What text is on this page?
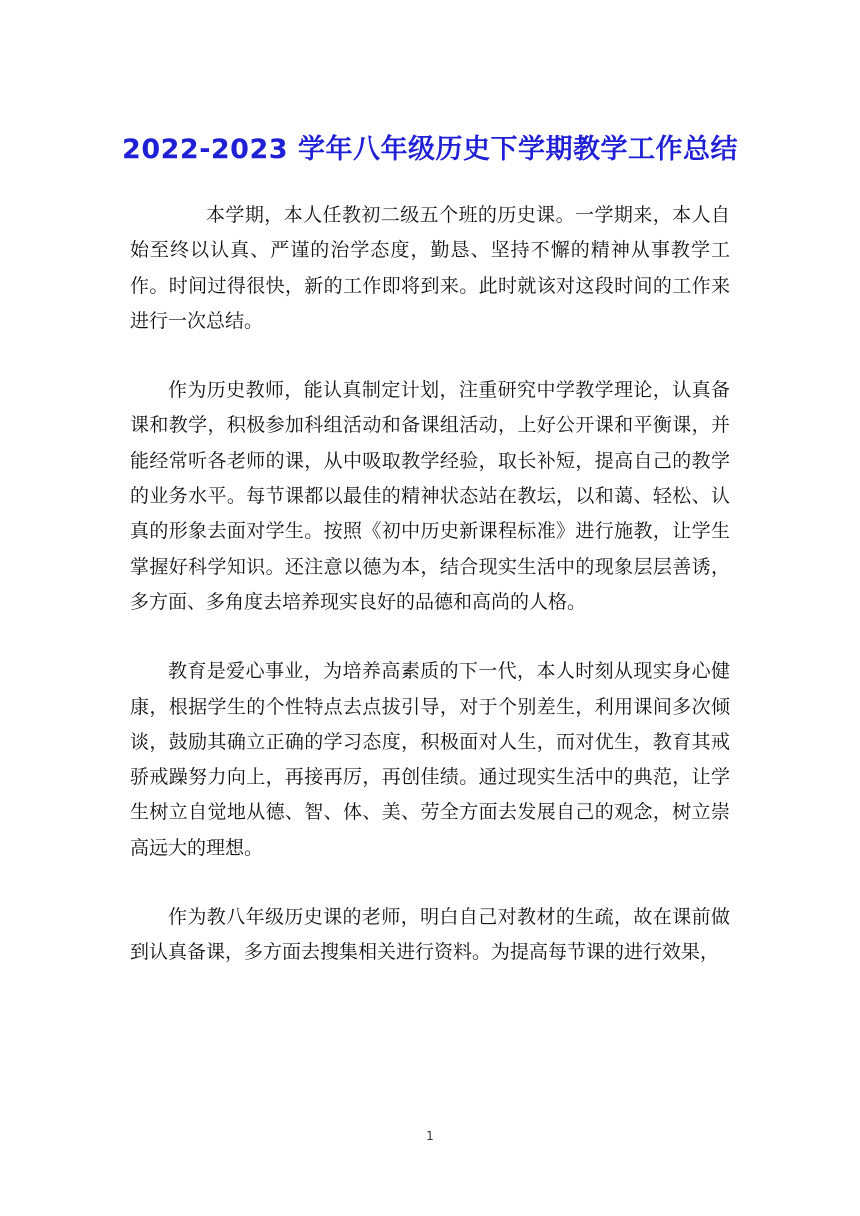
2022-2023 学年八年级历史下学期教学工作总结

本学期，本人任教初二级五个班的历史课。一学期来，本人自始至终以认真、严谨的治学态度，勤恳、坚持不懈的精神从事教学工作。时间过得很快，新的工作即将到来。此时就该对这段时间的工作来进行一次总结。

作为历史教师，能认真制定计划，注重研究中学教学理论，认真备课和教学，积极参加科组活动和备课组活动，上好公开课和平衡课，并能经常听各老师的课，从中吸取教学经验，取长补短，提高自己的教学的业务水平。每节课都以最佳的精神状态站在教坛，以和蔼、轻松、认真的形象去面对学生。按照《初中历史新课程标准》进行施教，让学生掌握好科学知识。还注意以德为本，结合现实生活中的现象层层善诱，多方面、多角度去培养现实良好的品德和高尚的人格。

教育是爱心事业，为培养高素质的下一代，本人时刻从现实身心健康，根据学生的个性特点去点拔引导，对于个别差生，利用课间多次倾谈，鼓励其确立正确的学习态度，积极面对人生，而对优生，教育其戒骄戒躁努力向上，再接再厉，再创佳绩。通过现实生活中的典范，让学生树立自觉地从德、智、体、美、劳全方面去发展自己的观念，树立崇高远大的理想。

作为教八年级历史课的老师，明白自己对教材的生疏，故在课前做到认真备课，多方面去搜集相关进行资料。为提高每节课的进行效果，

1
